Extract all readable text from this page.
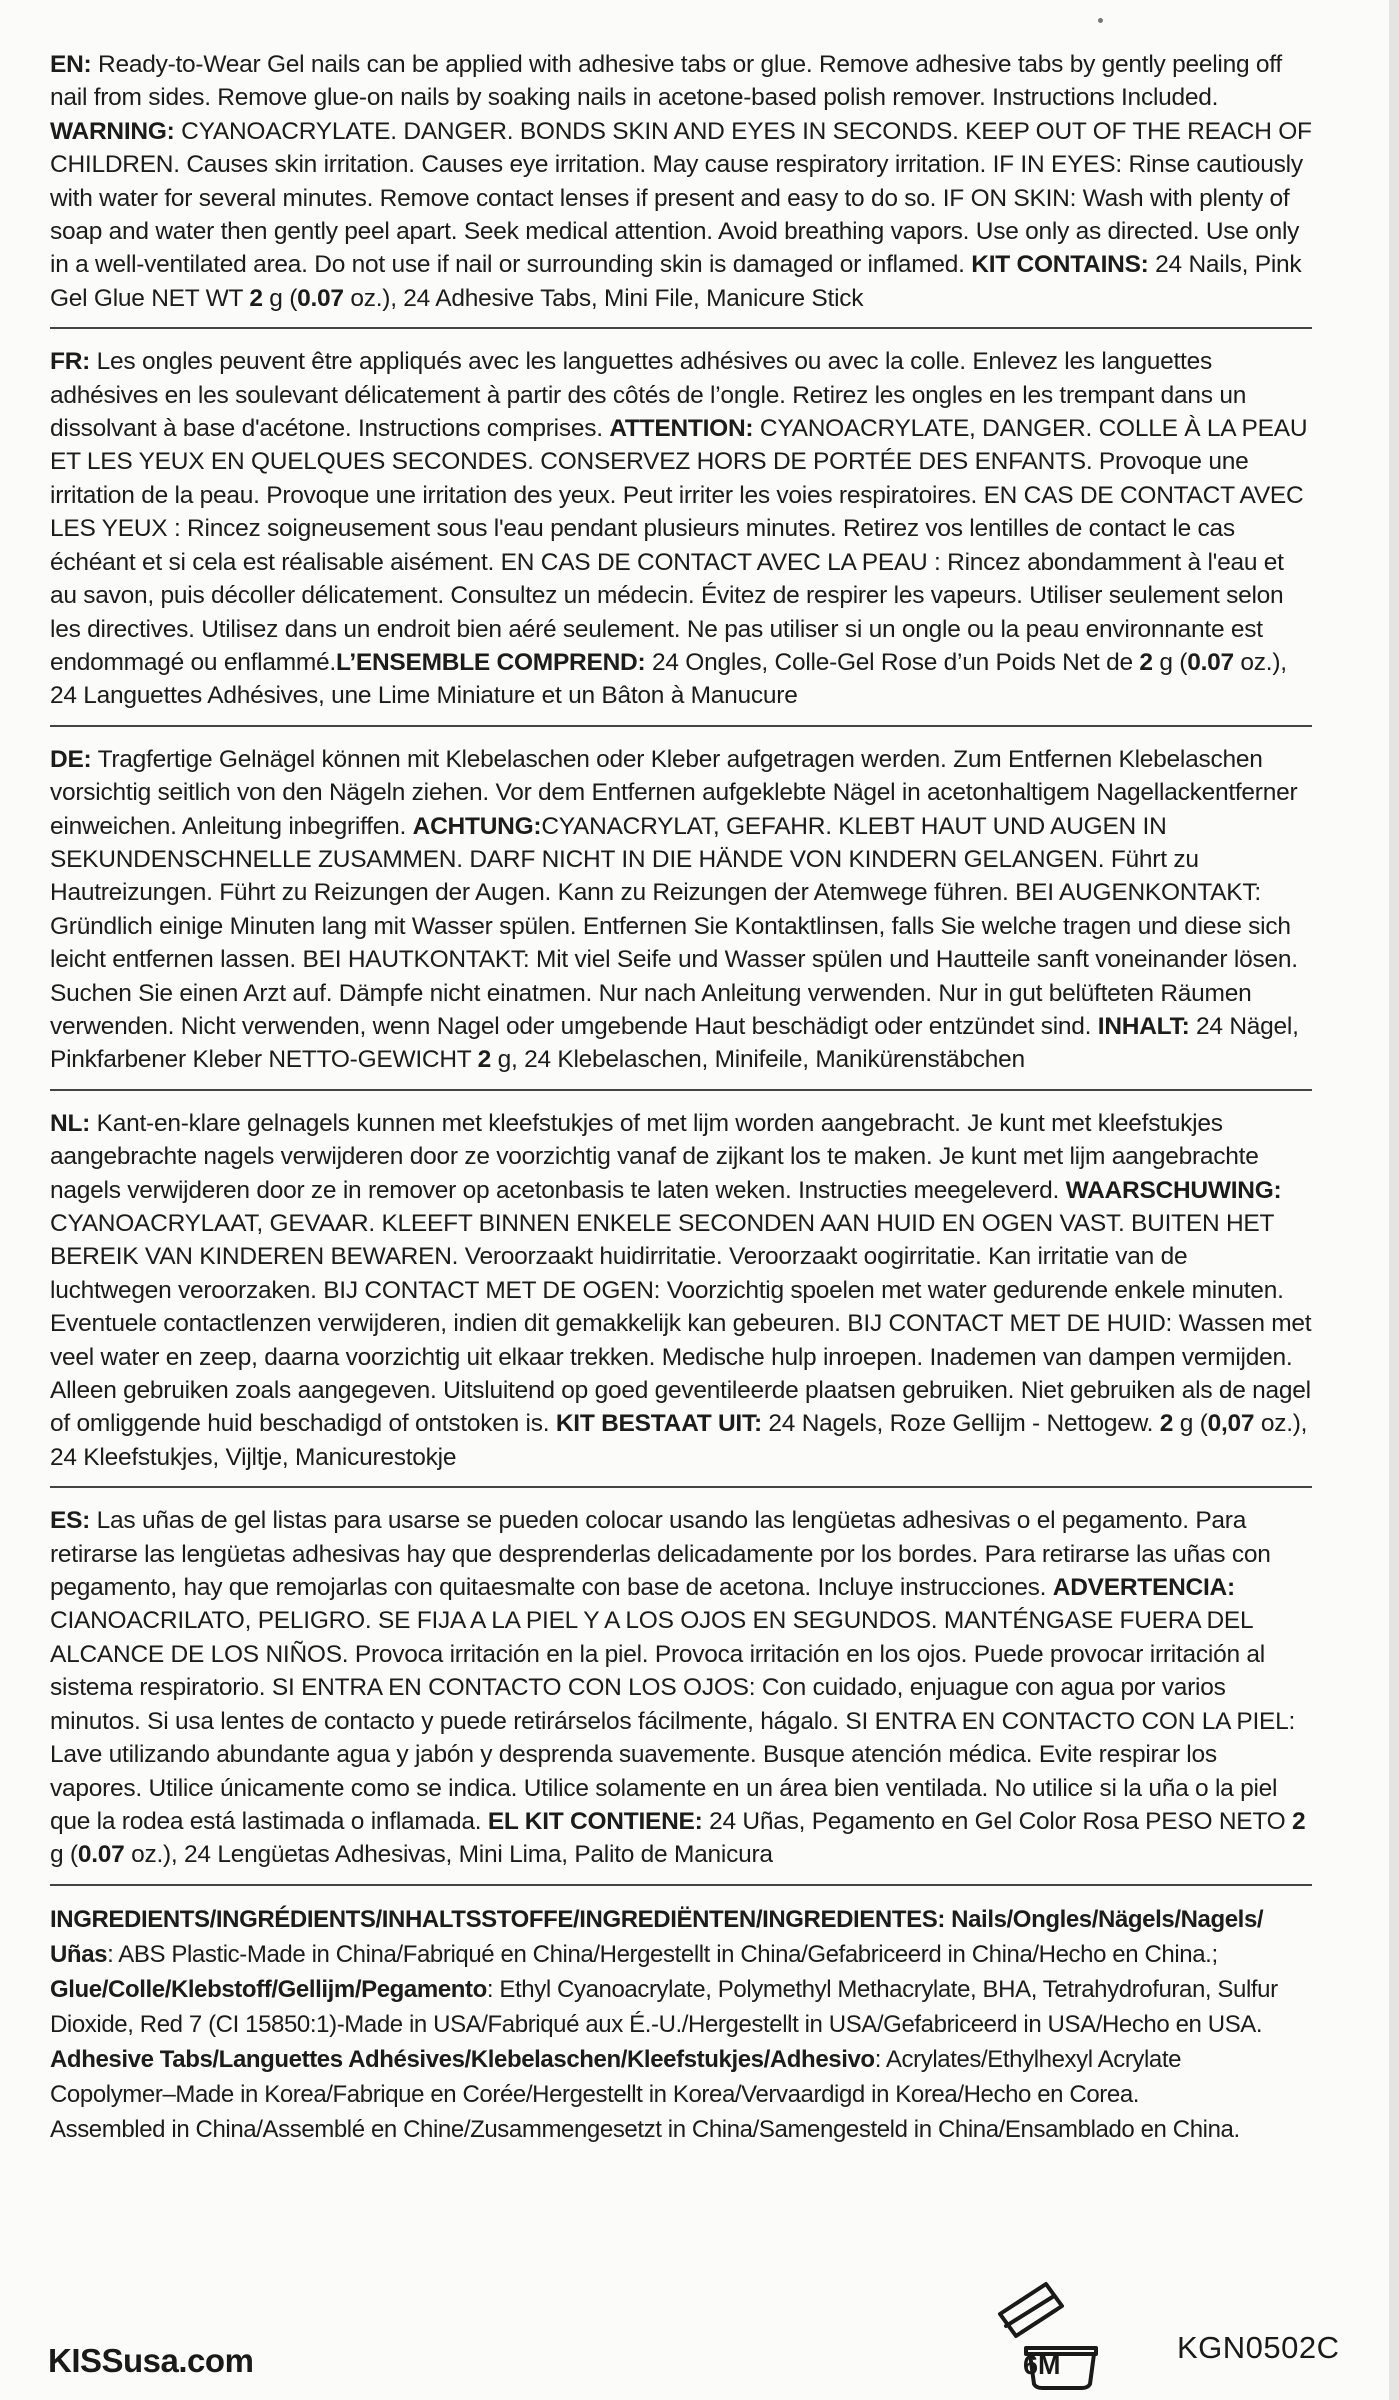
EN: Ready-to-Wear Gel nails can be applied with adhesive tabs or glue. Remove adhesive tabs by gently peeling off nail from sides. Remove glue-on nails by soaking nails in acetone-based polish remover. Instructions Included. WARNING: CYANOACRYLATE. DANGER. BONDS SKIN AND EYES IN SECONDS. KEEP OUT OF THE REACH OF CHILDREN. Causes skin irritation. Causes eye irritation. May cause respiratory irritation. IF IN EYES: Rinse cautiously with water for several minutes. Remove contact lenses if present and easy to do so. IF ON SKIN: Wash with plenty of soap and water then gently peel apart. Seek medical attention. Avoid breathing vapors. Use only as directed. Use only in a well-ventilated area. Do not use if nail or surrounding skin is damaged or inflamed. KIT CONTAINS: 24 Nails, Pink Gel Glue NET WT 2 g (0.07 oz.), 24 Adhesive Tabs, Mini File, Manicure Stick
FR: Les ongles peuvent être appliqués avec les languettes adhésives ou avec la colle. Enlevez les languettes adhésives en les soulevant délicatement à partir des côtés de l’ongle. Retirez les ongles en les trempant dans un dissolvant à base d'acétone. Instructions comprises. ATTENTION: CYANOACRYLATE, DANGER. COLLE À LA PEAU ET LES YEUX EN QUELQUES SECONDES. CONSERVEZ HORS DE PORTÉE DES ENFANTS. Provoque une irritation de la peau. Provoque une irritation des yeux. Peut irriter les voies respiratoires. EN CAS DE CONTACT AVEC LES YEUX : Rincez soigneusement sous l'eau pendant plusieurs minutes. Retirez vos lentilles de contact le cas échéant et si cela est réalisable aisément. EN CAS DE CONTACT AVEC LA PEAU : Rincez abondamment à l'eau et au savon, puis décoller délicatement. Consultez un médecin. Évitez de respirer les vapeurs. Utiliser seulement selon les directives. Utilisez dans un endroit bien aéré seulement. Ne pas utiliser si un ongle ou la peau environnante est endommagé ou enflammé.L’ENSEMBLE COMPREND: 24 Ongles, Colle-Gel Rose d’un Poids Net de 2 g (0.07 oz.), 24 Languettes Adhésives, une Lime Miniature et un Bâton à Manucure
DE: Tragfertige Gelnägel können mit Klebelaschen oder Kleber aufgetragen werden. Zum Entfernen Klebelaschen vorsichtig seitlich von den Nägeln ziehen. Vor dem Entfernen aufgeklebte Nägel in acetonhaltigem Nagellackentferner einweichen. Anleitung inbegriffen. ACHTUNG:CYANACRYLAT, GEFAHR. KLEBT HAUT UND AUGEN IN SEKUNDENSCHNELLE ZUSAMMEN. DARF NICHT IN DIE HÄNDE VON KINDERN GELANGEN. Führt zu Hautreizungen. Führt zu Reizungen der Augen. Kann zu Reizungen der Atemwege führen. BEI AUGENKONTAKT: Gründlich einige Minuten lang mit Wasser spülen. Entfernen Sie Kontaktlinsen, falls Sie welche tragen und diese sich leicht entfernen lassen. BEI HAUTKONTAKT: Mit viel Seife und Wasser spülen und Hautteile sanft voneinander lösen. Suchen Sie einen Arzt auf. Dämpfe nicht einatmen. Nur nach Anleitung verwenden. Nur in gut belüfteten Räumen verwenden. Nicht verwenden, wenn Nagel oder umgebende Haut beschädigt oder entzündet sind. INHALT: 24 Nägel, Pinkfarbener Kleber NETTO-GEWICHT 2 g, 24 Klebelaschen, Minifeile, Manikürenstäbchen
NL: Kant-en-klare gelnagels kunnen met kleefstukjes of met lijm worden aangebracht. Je kunt met kleefstukjes aangebrachte nagels verwijderen door ze voorzichtig vanaf de zijkant los te maken. Je kunt met lijm aangebrachte nagels verwijderen door ze in remover op acetonbasis te laten weken. Instructies meegeleverd. WAARSCHUWING: CYANOACRYLAAT, GEVAAR. KLEEFT BINNEN ENKELE SECONDEN AAN HUID EN OGEN VAST. BUITEN HET BEREIK VAN KINDEREN BEWAREN. Veroorzaakt huidirritatie. Veroorzaakt oogirritatie. Kan irritatie van de luchtwegen veroorzaken. BIJ CONTACT MET DE OGEN: Voorzichtig spoelen met water gedurende enkele minuten. Eventuele contactlenzen verwijderen, indien dit gemakkelijk kan gebeuren. BIJ CONTACT MET DE HUID: Wassen met veel water en zeep, daarna voorzichtig uit elkaar trekken. Medische hulp inroepen. Inademen van dampen vermijden. Alleen gebruiken zoals aangegeven. Uitsluitend op goed geventileerde plaatsen gebruiken. Niet gebruiken als de nagel of omliggende huid beschadigd of ontstoken is. KIT BESTAAT UIT: 24 Nagels, Roze Gellijm - Nettogew. 2 g (0,07 oz.), 24 Kleefstukjes, Vijltje, Manicurestokje
ES: Las uñas de gel listas para usarse se pueden colocar usando las lengüetas adhesivas o el pegamento. Para retirarse las lengüetas adhesivas hay que desprenderlas delicadamente por los bordes. Para retirarse las uñas con pegamento, hay que remojarlas con quitaesmalte con base de acetona. Incluye instrucciones. ADVERTENCIA: CIANOACRILATO, PELIGRO. SE FIJA A LA PIEL Y A LOS OJOS EN SEGUNDOS. MANTÉNGASE FUERA DEL ALCANCE DE LOS NIÑOS. Provoca irritación en la piel. Provoca irritación en los ojos. Puede provocar irritación al sistema respiratorio. SI ENTRA EN CONTACTO CON LOS OJOS: Con cuidado, enjuague con agua por varios minutos. Si usa lentes de contacto y puede retirárselos fácilmente, hágalo. SI ENTRA EN CONTACTO CON LA PIEL: Lave utilizando abundante agua y jabón y desprenda suavemente. Busque atención médica. Evite respirar los vapores. Utilice únicamente como se indica. Utilice solamente en un área bien ventilada. No utilice si la uña o la piel que la rodea está lastimada o inflamada. EL KIT CONTIENE: 24 Uñas, Pegamento en Gel Color Rosa PESO NETO 2 g (0.07 oz.), 24 Lengüetas Adhesivas, Mini Lima, Palito de Manicura
INGREDIENTS/INGRÉDIENTS/INHALTSSTOFFE/INGREDIËNTEN/INGREDIENTES: Nails/Ongles/Nägels/Nagels/ Uñas: ABS Plastic-Made in China/Fabriqué en China/Hergestellt in China/Gefabriceerd in China/Hecho en China.;
Glue/Colle/Klebstoff/Gellijm/Pegamento: Ethyl Cyanoacrylate, Polymethyl Methacrylate, BHA, Tetrahydrofuran, Sulfur Dioxide, Red 7 (CI 15850:1)-Made in USA/Fabriqué aux É.-U./Hergestellt in USA/Gefabriceerd in USA/Hecho en USA.
Adhesive Tabs/Languettes Adhésives/Klebelaschen/Kleefstukjes/Adhesivo: Acrylates/Ethylhexyl Acrylate Copolymer–Made in Korea/Fabrique en Corée/Hergestellt in Korea/Vervaardigd in Korea/Hecho en Corea.
Assembled in China/Assemblé en Chine/Zusammengesetzt in China/Samengesteld in China/Ensamblado en China.
KISSusa.com	6M	KGN0502C
